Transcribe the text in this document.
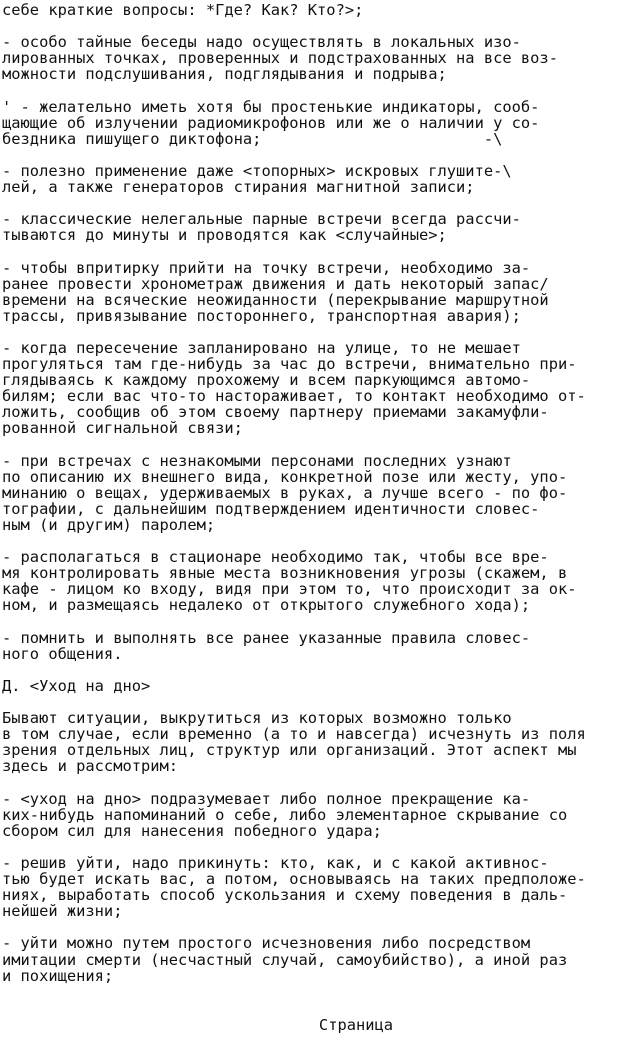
себе краткие вопросы: *Где? Как? Кто?>;
- особо тайные беседы надо осуществлять в локальных изо-
лированных точках, проверенных и подстрахованных на все воз-
можности подслушивания, подглядывания и подрыва;
' - желательно иметь хотя бы простенькие индикаторы, сооб-
щающие об излучении радиомикрофонов или же о наличии у со-
бездника пишущего диктофона;                        -\
- полезно применение даже <топорных> искровых глушите-\
лей, а также генераторов стирания магнитной записи;
- классические нелегальные парные встречи всегда рассчи-
тываются до минуты и проводятся как <случайные>;
- чтобы впритирку прийти на точку встречи, необходимо за-
ранее провести хронометраж движения и дать некоторый запас/
времени на всяческие неожиданности (перекрывание маршрутной
трассы, привязывание постороннего, транспортная авария);
- когда пересечение запланировано на улице, то не мешает
прогуляться там где-нибудь за час до встречи, внимательно при-
глядываясь к каждому прохожему и всем паркующимся автомо-
билям; если вас что-то настораживает, то контакт необходимо от-
ложить, сообщив об этом своему партнеру приемами закамуфли-
рованной сигнальной связи;
- при встречах с незнакомыми персонами последних узнают
по описанию их внешнего вида, конкретной позе или жесту, упо-
минанию о вещах, удерживаемых в руках, а лучше всего - по фо-
тографии, с дальнейшим подтверждением идентичности словес-
ным (и другим) паролем;
- располагаться в стационаре необходимо так, чтобы все вре-
мя контролировать явные места возникновения угрозы (скажем, в
кафе - лицом ко входу, видя при этом то, что происходит за ок-
ном, и размещаясь недалеко от открытого служебного хода);
- помнить и выполнять все ранее указанные правила словес-
ного общения.
Д. <Уход на дно>
Бывают ситуации, выкрутиться из которых возможно только
в том случае, если временно (а то и навсегда) исчезнуть из поля
зрения отдельных лиц, структур или организаций. Этот аспект мы
здесь и рассмотрим:
- <уход на дно> подразумевает либо полное прекращение ка-
ких-нибудь напоминаний о себе, либо элементарное скрывание со
сбором сил для нанесения победного удара;
- решив уйти, надо прикинуть: кто, как, и с какой активнос-
тью будет искать вас, а потом, основываясь на таких предположе-
ниях, выработать способ ускользания и схему поведения в даль-
нейшей жизни;
- уйти можно путем простого исчезновения либо посредством
имитации смерти (несчастный случай, самоубийство), а иной раз
и похищения;
Страница
